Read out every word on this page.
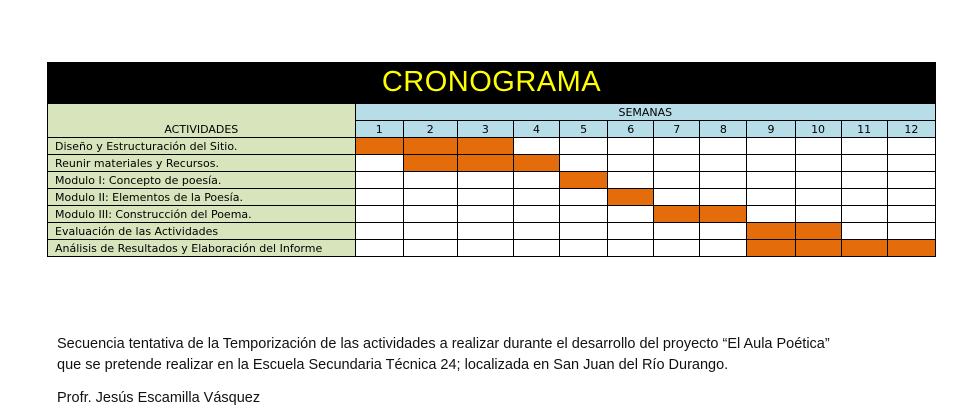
CRONOGRAMA
ACTIVIDADES	SEMANAS											
	1	2	3	4	5	6	7	8	9	10	11	12
Diseño y Estructuración del Sitio.												
Reunir materiales y Recursos.												
Modulo I: Concepto de poesía.												
Modulo II: Elementos de la Poesía.												
Modulo III: Construcción del Poema.												
Evaluación de las Actividades												
Análisis de Resultados y Elaboración del Informe												
Secuencia tentativa de la Temporización de las actividades a realizar durante el desarrollo del proyecto “El Aula Poética”
que se pretende realizar en la Escuela Secundaria Técnica 24; localizada en San Juan del Río Durango.
Profr. Jesús Escamilla Vásquez
